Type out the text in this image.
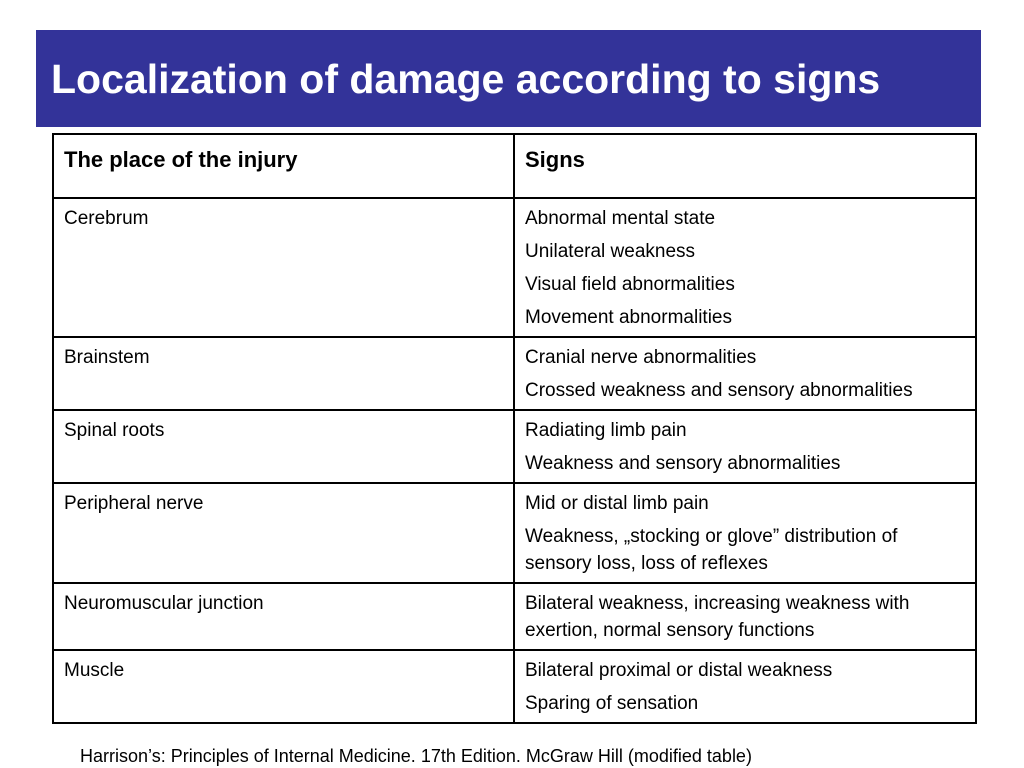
Localization of damage according to signs
The place of the injury	Signs
Cerebrum	Abnormal mental state
Unilateral weakness
Visual field abnormalities
Movement abnormalities

Brainstem	Cranial nerve abnormalities
Crossed weakness and sensory abnormalities

Spinal roots	Radiating limb pain
Weakness and sensory abnormalities

Peripheral nerve	Mid or distal limb pain
Weakness, „stocking or glove” distribution of sensory loss, loss of reflexes

Neuromuscular junction	Bilateral weakness, increasing weakness with exertion, normal sensory functions

Muscle	Bilateral proximal or distal weakness
Sparing of sensation
Harrison’s: Principles of Internal Medicine. 17th Edition. McGraw Hill (modified table)
